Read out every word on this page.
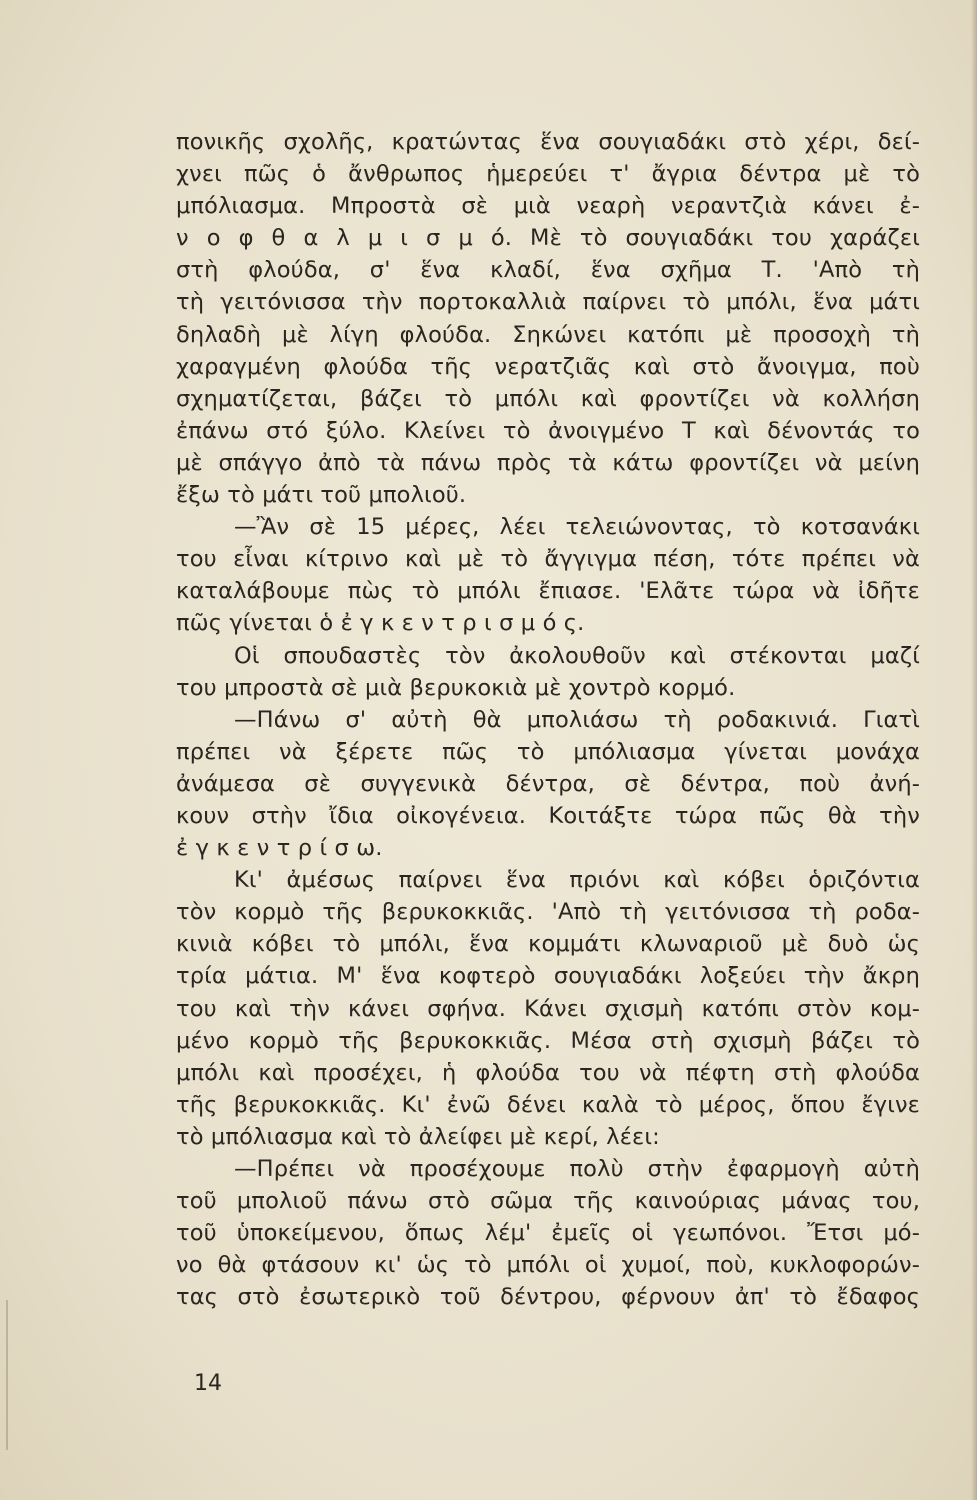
πονικῆς σχολῆς, κρατώντας ἕνα σουγιαδάκι στὸ χέρι, δεί-
χνει πῶς ὁ ἄνθρωπος ἡμερεύει τ' ἄγρια δέντρα μὲ τὸ
μπόλιασμα. Μπροστὰ σὲ μιὰ νεαρὴ νεραντζιὰ κάνει ἐ-
ν ο φ θ α λ μ ι σ μ ό. Μὲ τὸ σουγιαδάκι του χαράζει
στὴ φλούδα, σ' ἕνα κλαδί, ἕνα σχῆμα Τ. 'Απὸ τὴ
τὴ γειτόνισσα τὴν πορτοκαλλιὰ παίρνει τὸ μπόλι, ἕνα μάτι
δηλαδὴ μὲ λίγη φλούδα. Σηκώνει κατόπι μὲ προσοχὴ τὴ
χαραγμένη φλούδα τῆς νερατζιᾶς καὶ στὸ ἄνοιγμα, ποὺ
σχηματίζεται, βάζει τὸ μπόλι καὶ φροντίζει νὰ κολλήση
ἐπάνω στό ξύλο. Κλείνει τὸ ἀνοιγμένο Τ καὶ δένοντάς το
μὲ σπάγγο ἀπὸ τὰ πάνω πρὸς τὰ κάτω φροντίζει νὰ μείνη
ἔξω τὸ μάτι τοῦ μπολιοῦ.
—Ἂν σὲ 15 μέρες, λέει τελειώνοντας, τὸ κοτσανάκι
του εἶναι κίτρινο καὶ μὲ τὸ ἄγγιγμα πέση, τότε πρέπει νὰ
καταλάβουμε πὼς τὸ μπόλι ἔπιασε. 'Ελᾶτε τώρα νὰ ἰδῆτε
πῶς γίνεται ὁ ἐ γ κ ε ν τ ρ ι σ μ ό ς.
Οἱ σπουδαστὲς τὸν ἀκολουθοῦν καὶ στέκονται μαζί
του μπροστὰ σὲ μιὰ βερυκοκιὰ μὲ χοντρὸ κορμό.
—Πάνω σ' αὐτὴ θὰ μπολιάσω τὴ ροδακινιά. Γιατὶ
πρέπει νὰ ξέρετε πῶς τὸ μπόλιασμα γίνεται μονάχα
ἀνάμεσα σὲ συγγενικὰ δέντρα, σὲ δέντρα, ποὺ ἀνή-
κουν στὴν ἴδια οἰκογένεια. Κοιτάξτε τώρα πῶς θὰ τὴν
ἐ γ κ ε ν τ ρ ί σ ω.
Κι' ἀμέσως παίρνει ἕνα πριόνι καὶ κόβει ὁριζόντια
τὸν κορμὸ τῆς βερυκοκκιᾶς. 'Απὸ τὴ γειτόνισσα τὴ ροδα-
κινιὰ κόβει τὸ μπόλι, ἕνα κομμάτι κλωναριοῦ μὲ δυὸ ὡς
τρία μάτια. Μ' ἕνα κοφτερὸ σουγιαδάκι λοξεύει τὴν ἄκρη
του καὶ τὴν κάνει σφήνα. Κάνει σχισμὴ κατόπι στὸν κομ-
μένο κορμὸ τῆς βερυκοκκιᾶς. Μέσα στὴ σχισμὴ βάζει τὸ
μπόλι καὶ προσέχει, ἡ φλούδα του νὰ πέφτη στὴ φλούδα
τῆς βερυκοκκιᾶς. Κι' ἐνῶ δένει καλὰ τὸ μέρος, ὅπου ἔγινε
τὸ μπόλιασμα καὶ τὸ ἀλείφει μὲ κερί, λέει:
—Πρέπει νὰ προσέχουμε πολὺ στὴν ἐφαρμογὴ αὐτὴ
τοῦ μπολιοῦ πάνω στὸ σῶμα τῆς καινούριας μάνας του,
τοῦ ὑποκείμενου, ὅπως λέμ' ἐμεῖς οἱ γεωπόνοι. Ἔτσι μό-
νο θὰ φτάσουν κι' ὡς τὸ μπόλι οἱ χυμοί, ποὺ, κυκλοφορών-
τας στὸ ἐσωτερικὸ τοῦ δέντρου, φέρνουν ἀπ' τὸ ἔδαφος
14
